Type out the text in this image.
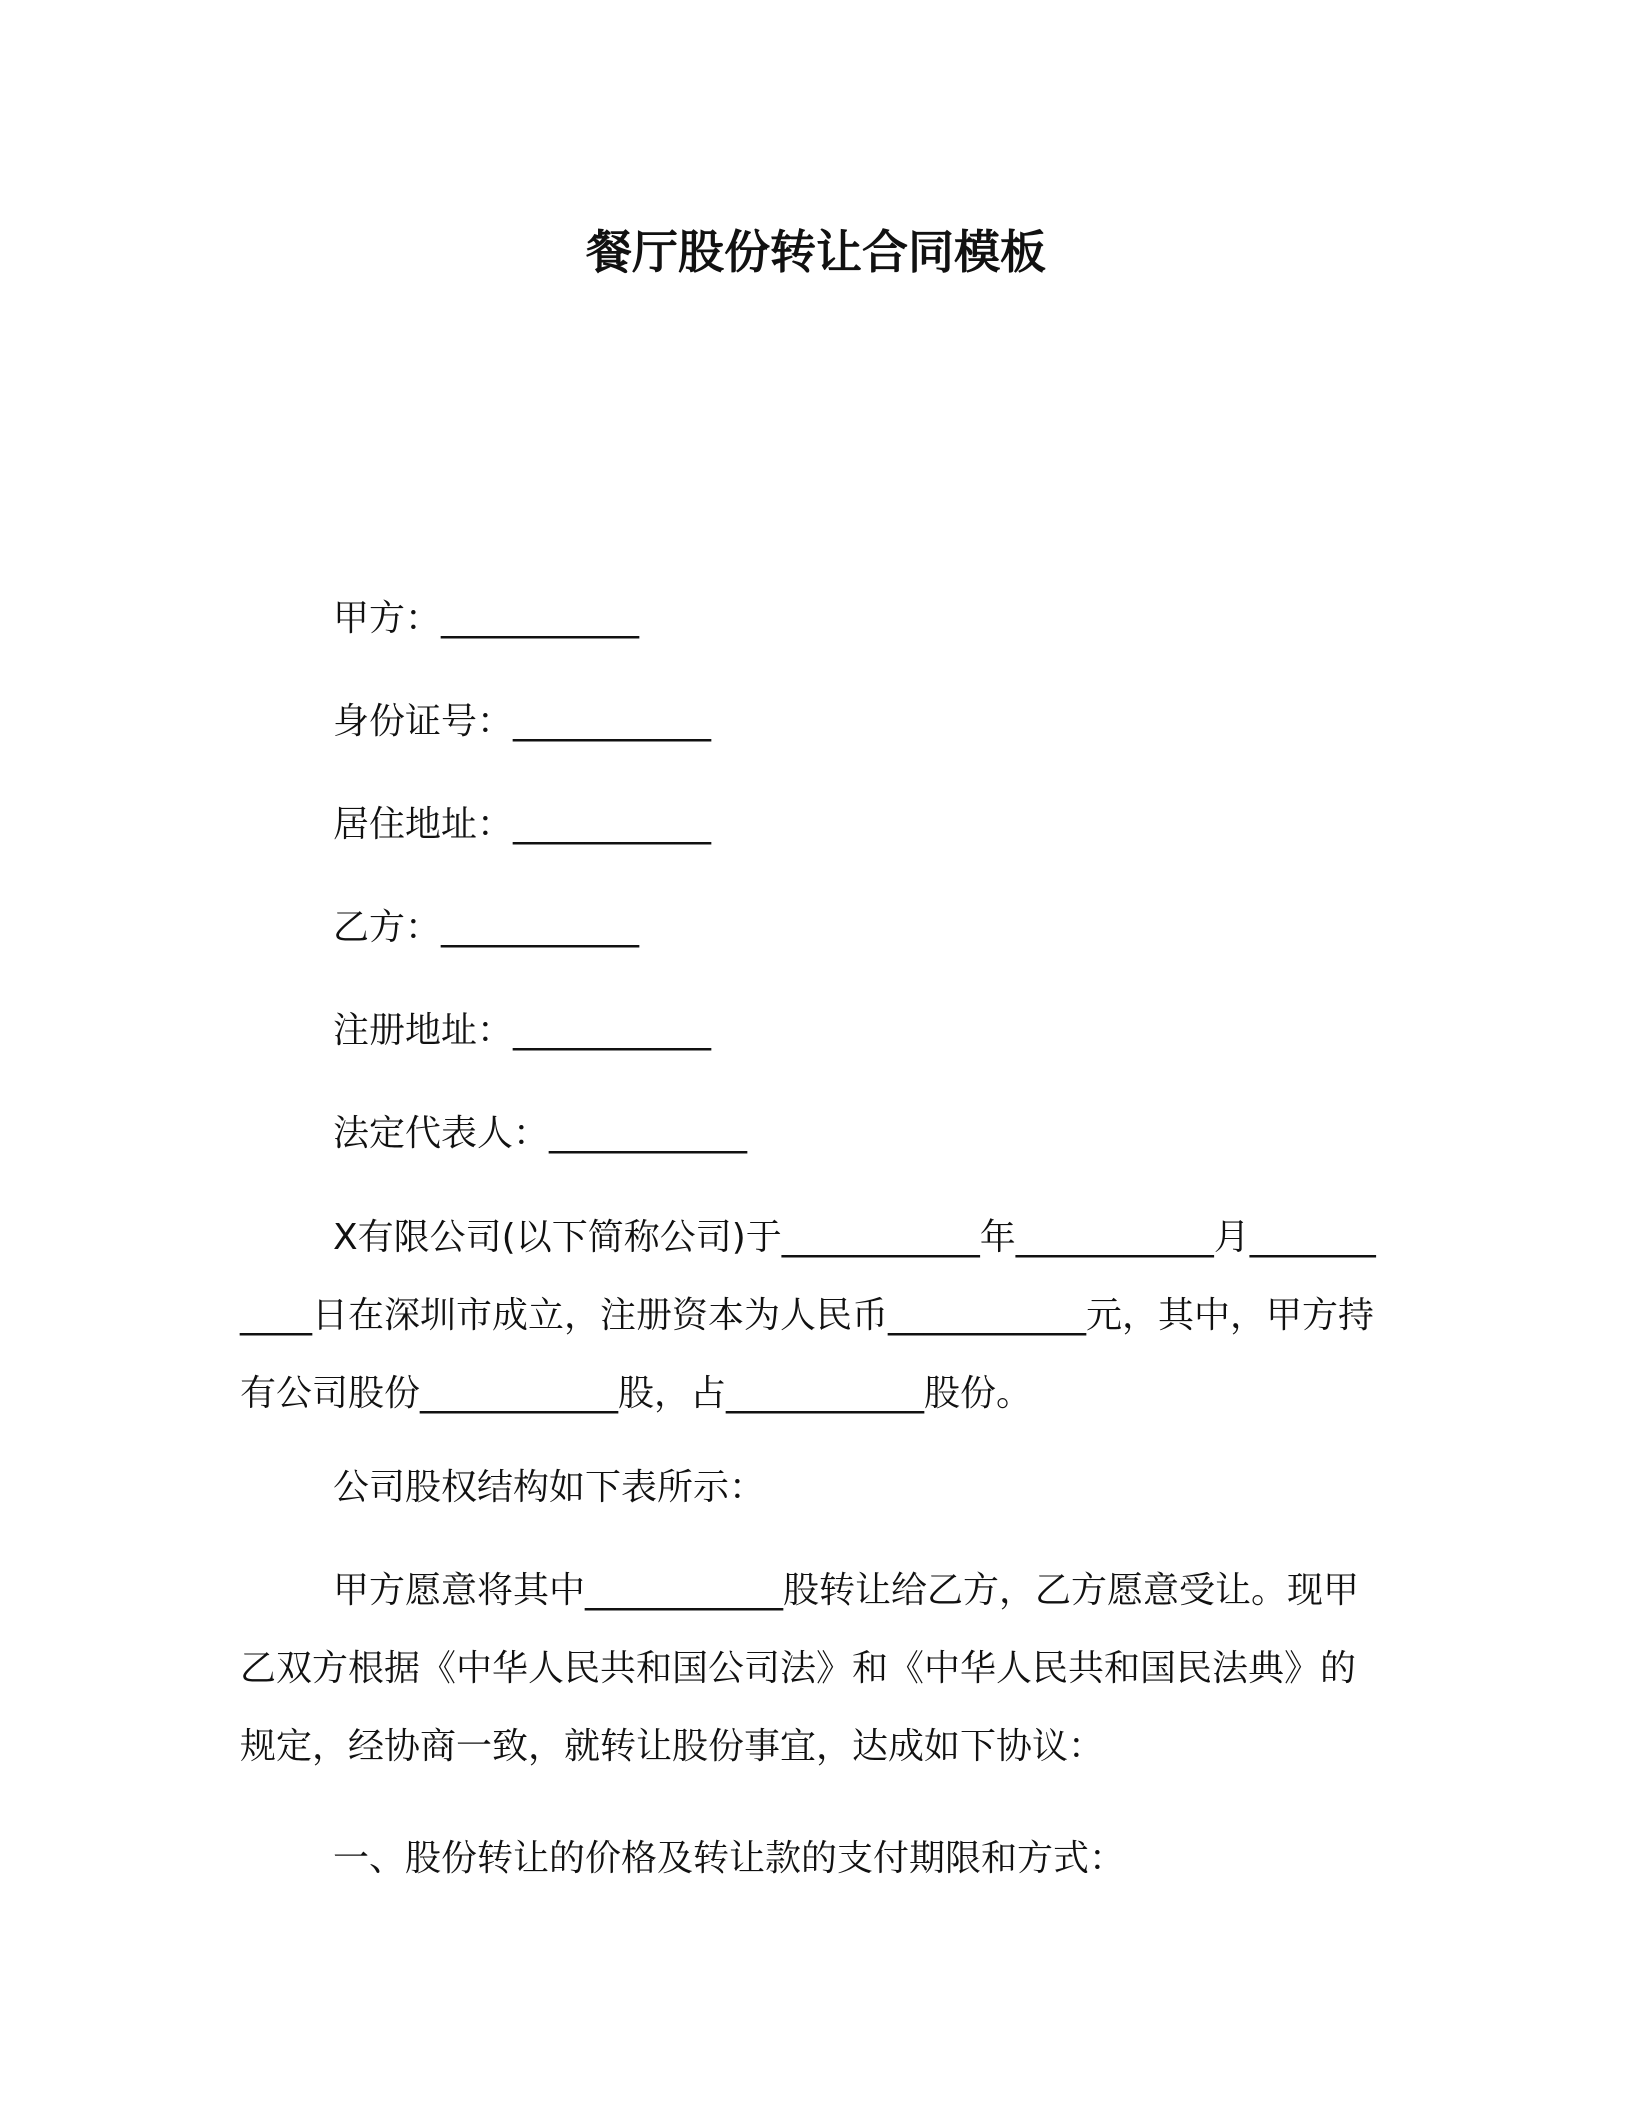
餐厅股份转让合同模板
甲方：___________
身份证号：___________
居住地址：___________
乙方：___________
注册地址：___________
法定代表人：___________
X有限公司(以下简称公司)于___________年___________月___________日在深圳市成立，注册资本为人民币___________元，其中，甲方持有公司股份___________股，占___________股份。
公司股权结构如下表所示：
甲方愿意将其中___________股转让给乙方，乙方愿意受让。现甲乙双方根据《中华人民共和国公司法》和《中华人民共和国民法典》的规定，经协商一致，就转让股份事宜，达成如下协议：
一、股份转让的价格及转让款的支付期限和方式：
